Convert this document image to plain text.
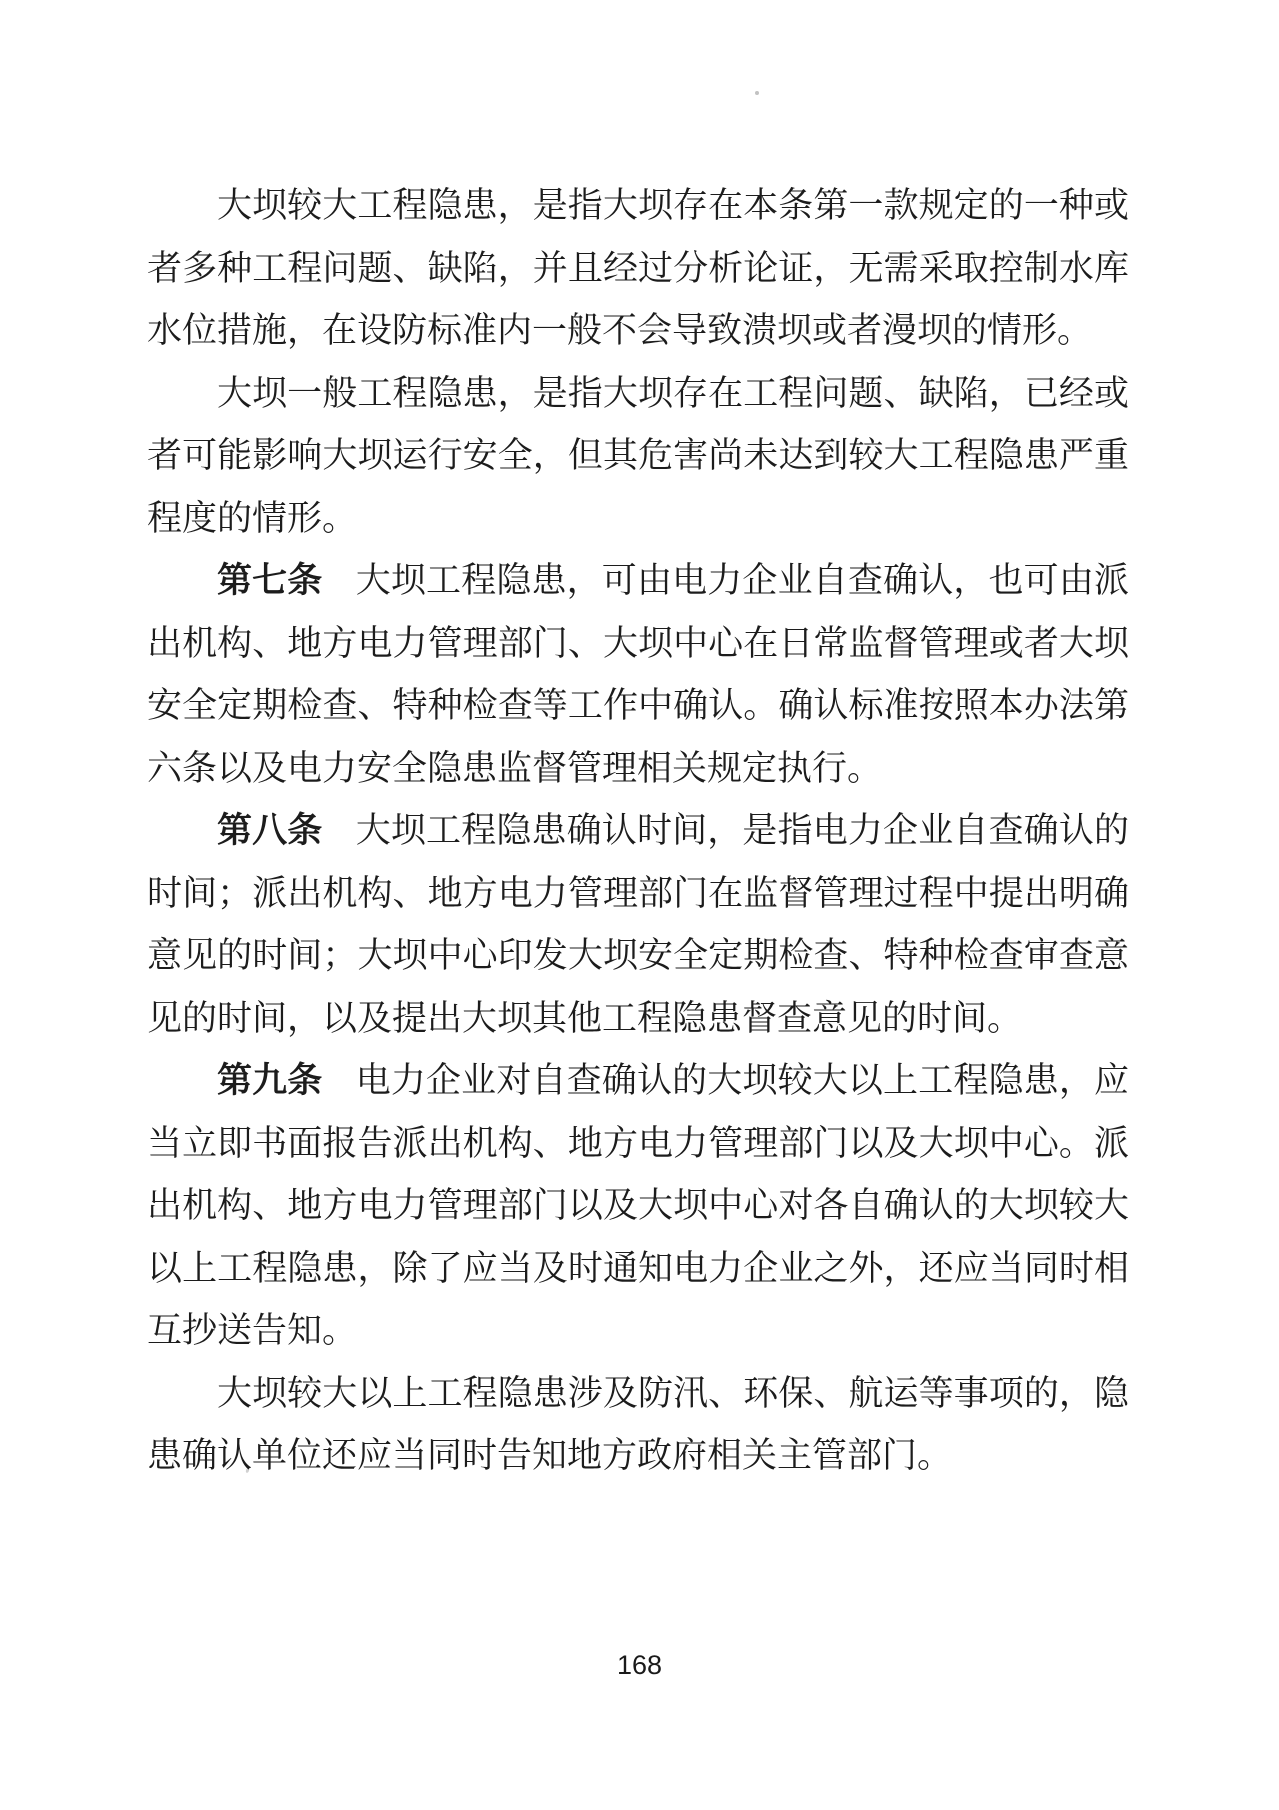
大坝较大工程隐患，是指大坝存在本条第一款规定的一种或者多种工程问题、缺陷，并且经过分析论证，无需采取控制水库水位措施，在设防标准内一般不会导致溃坝或者漫坝的情形。

大坝一般工程隐患，是指大坝存在工程问题、缺陷，已经或者可能影响大坝运行安全，但其危害尚未达到较大工程隐患严重程度的情形。

第七条 大坝工程隐患，可由电力企业自查确认，也可由派出机构、地方电力管理部门、大坝中心在日常监督管理或者大坝安全定期检查、特种检查等工作中确认。确认标准按照本办法第六条以及电力安全隐患监督管理相关规定执行。

第八条 大坝工程隐患确认时间，是指电力企业自查确认的时间；派出机构、地方电力管理部门在监督管理过程中提出明确意见的时间；大坝中心印发大坝安全定期检查、特种检查审查意见的时间，以及提出大坝其他工程隐患督查意见的时间。

第九条 电力企业对自查确认的大坝较大以上工程隐患，应当立即书面报告派出机构、地方电力管理部门以及大坝中心。派出机构、地方电力管理部门以及大坝中心对各自确认的大坝较大以上工程隐患，除了应当及时通知电力企业之外，还应当同时相互抄送告知。

大坝较大以上工程隐患涉及防汛、环保、航运等事项的，隐患确认单位还应当同时告知地方政府相关主管部门。

168
